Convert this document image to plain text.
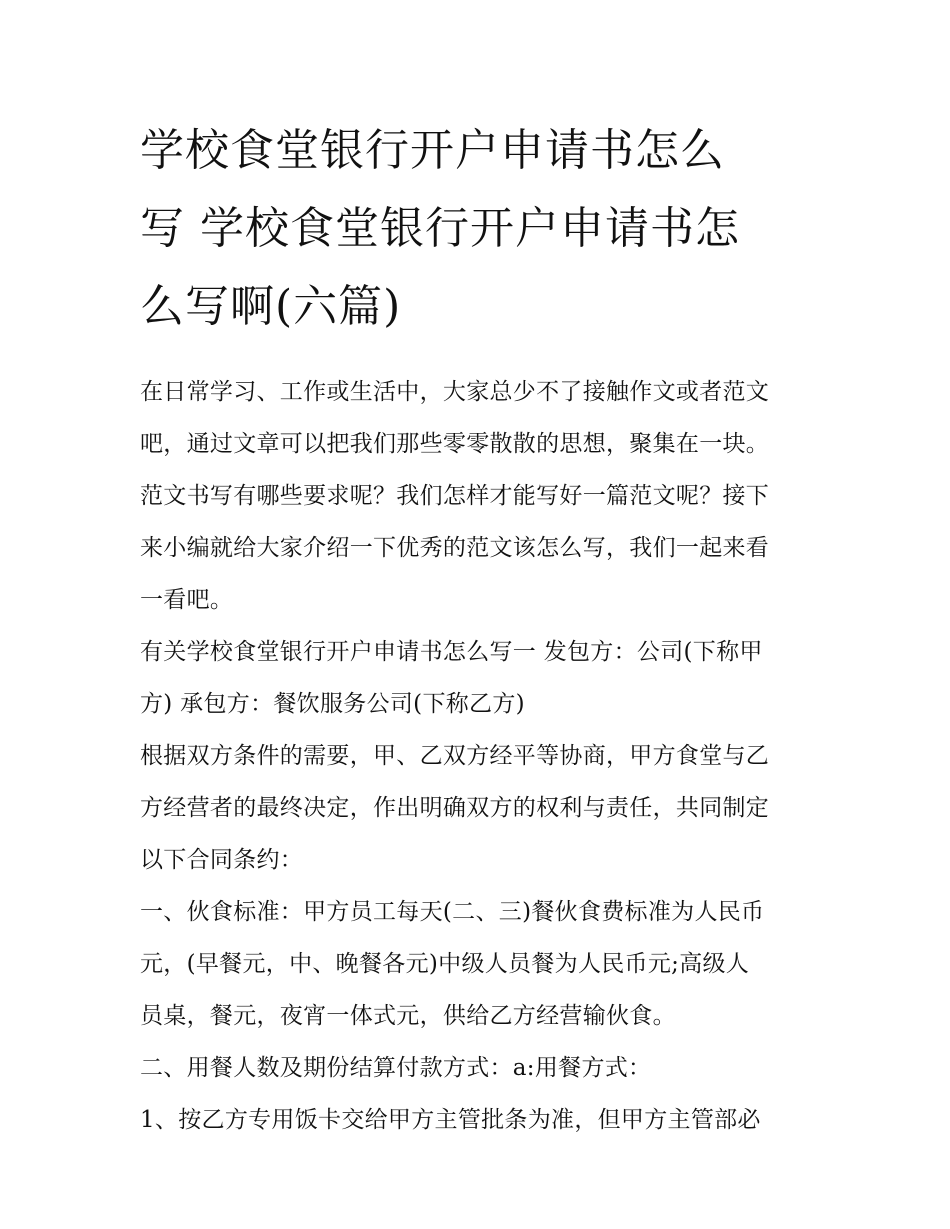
学校食堂银行开户申请书怎么
写 学校食堂银行开户申请书怎
么写啊(六篇)
在日常学习、工作或生活中，大家总少不了接触作文或者范文
吧，通过文章可以把我们那些零零散散的思想，聚集在一块。
范文书写有哪些要求呢？我们怎样才能写好一篇范文呢？接下
来小编就给大家介绍一下优秀的范文该怎么写，我们一起来看
一看吧。
有关学校食堂银行开户申请书怎么写一 发包方：公司(下称甲
方) 承包方：餐饮服务公司(下称乙方)
根据双方条件的需要，甲、乙双方经平等协商，甲方食堂与乙
方经营者的最终决定，作出明确双方的权利与责任，共同制定
以下合同条约：
一、伙食标准：甲方员工每天(二、三)餐伙食费标准为人民币
元，(早餐元，中、晚餐各元)中级人员餐为人民币元;高级人
员桌，餐元，夜宵一体式元，供给乙方经营输伙食。
二、用餐人数及期份结算付款方式：a:用餐方式：
1、按乙方专用饭卡交给甲方主管批条为准，但甲方主管部必
